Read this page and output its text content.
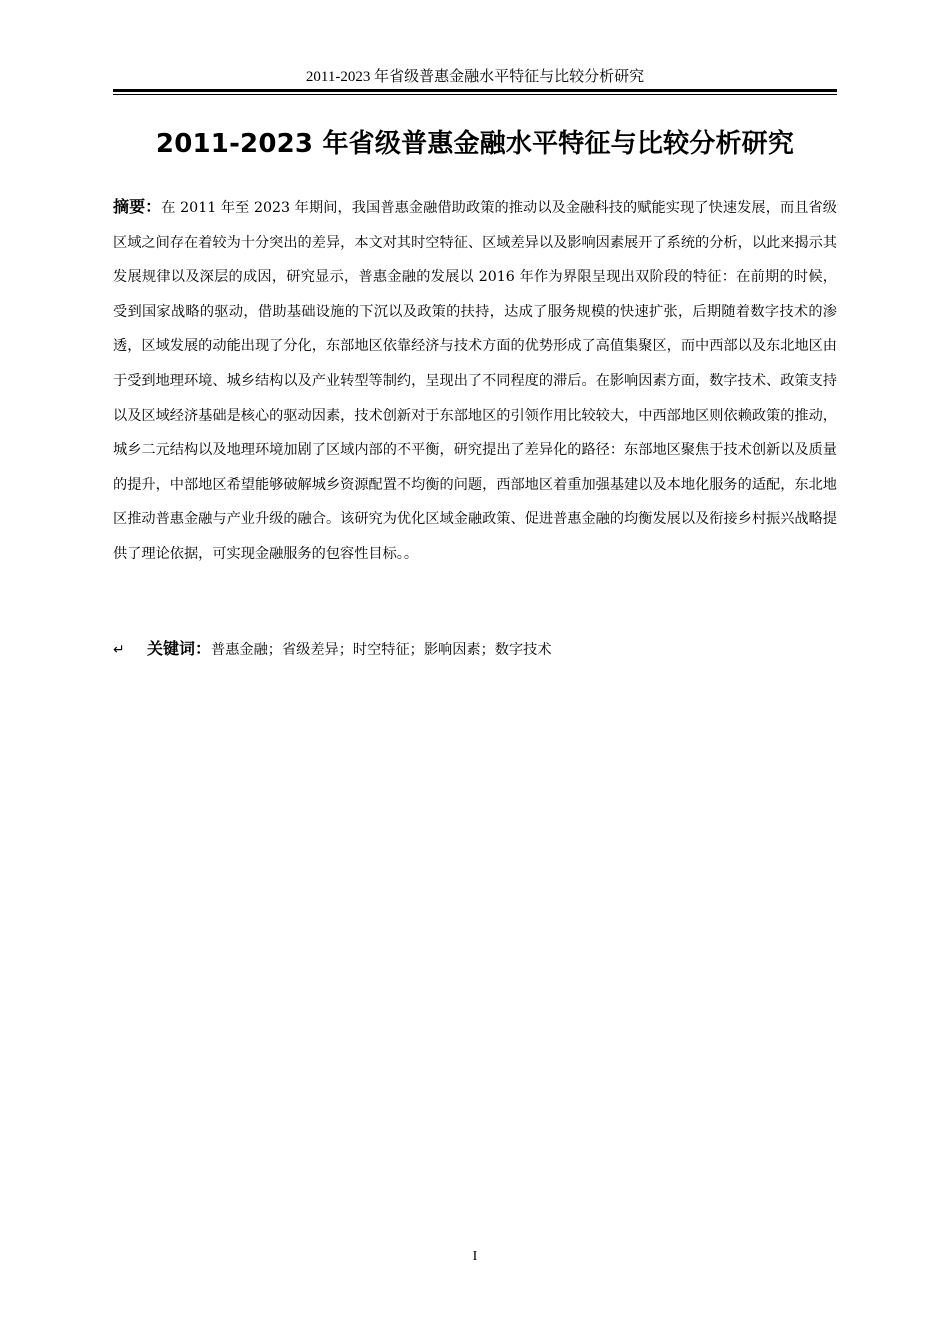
2011-2023 年省级普惠金融水平特征与比较分析研究
2011-2023 年省级普惠金融水平特征与比较分析研究

摘要：在 2011 年至 2023 年期间，我国普惠金融借助政策的推动以及金融科技的赋能实现了快速发展，而且省级区域之间存在着较为十分突出的差异，本文对其时空特征、区域差异以及影响因素展开了系统的分析，以此来揭示其发展规律以及深层的成因，研究显示，普惠金融的发展以 2016 年作为界限呈现出双阶段的特征：在前期的时候，受到国家战略的驱动，借助基础设施的下沉以及政策的扶持，达成了服务规模的快速扩张，后期随着数字技术的渗透，区域发展的动能出现了分化，东部地区依靠经济与技术方面的优势形成了高值集聚区，而中西部以及东北地区由于受到地理环境、城乡结构以及产业转型等制约，呈现出了不同程度的滞后。在影响因素方面，数字技术、政策支持以及区域经济基础是核心的驱动因素，技术创新对于东部地区的引领作用比较较大，中西部地区则依赖政策的推动，城乡二元结构以及地理环境加剧了区域内部的不平衡，研究提出了差异化的路径：东部地区聚焦于技术创新以及质量的提升，中部地区希望能够破解城乡资源配置不均衡的问题，西部地区着重加强基建以及本地化服务的适配，东北地区推动普惠金融与产业升级的融合。该研究为优化区域金融政策、促进普惠金融的均衡发展以及衔接乡村振兴战略提供了理论依据，可实现金融服务的包容性目标。。

↵ 关键词：普惠金融；省级差异；时空特征；影响因素；数字技术
I
